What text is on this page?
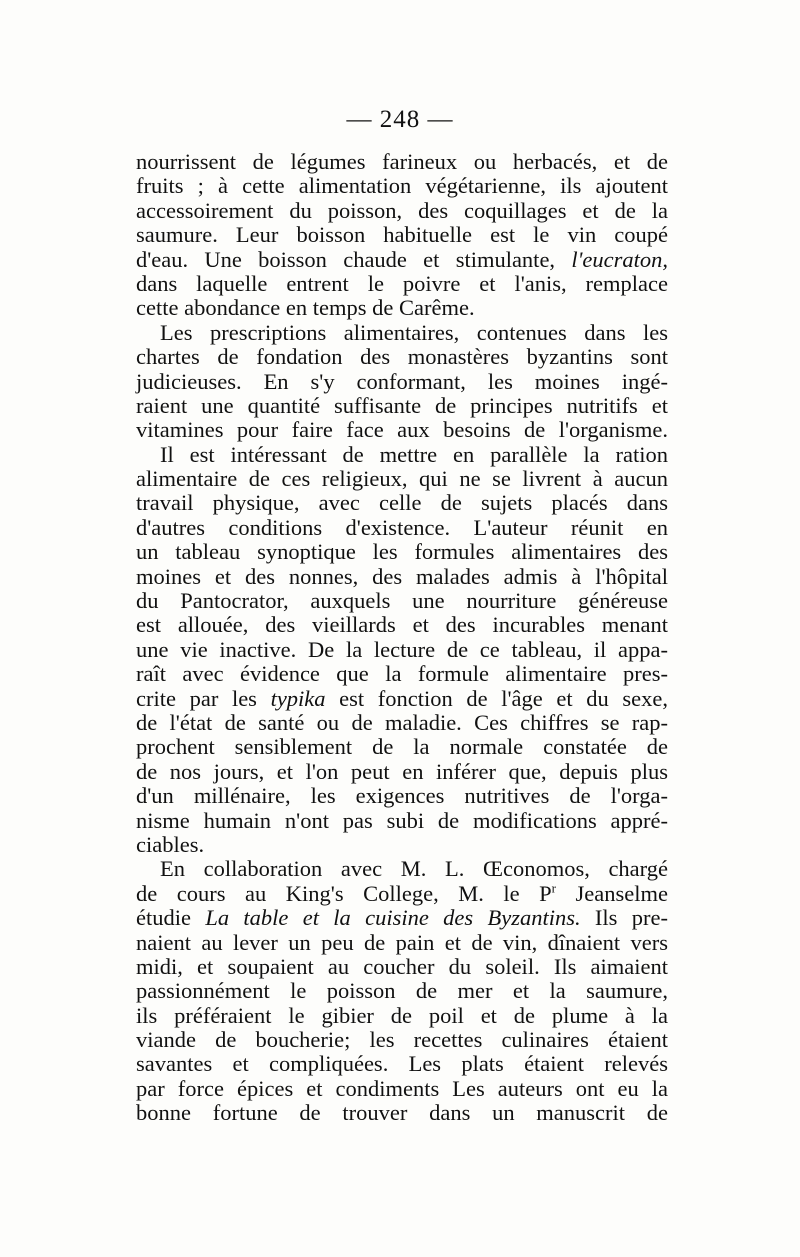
— 248 —
nourrissent de légumes farineux ou herbacés, et de
fruits ; à cette alimentation végétarienne, ils ajoutent
accessoirement du poisson, des coquillages et de la
saumure. Leur boisson habituelle est le vin coupé
d'eau. Une boisson chaude et stimulante, l'eucraton,
dans laquelle entrent le poivre et l'anis, remplace
cette abondance en temps de Carême.
Les prescriptions alimentaires, contenues dans les
chartes de fondation des monastères byzantins sont
judicieuses. En s'y conformant, les moines ingé-
raient une quantité suffisante de principes nutritifs et
vitamines pour faire face aux besoins de l'organisme.
Il est intéressant de mettre en parallèle la ration
alimentaire de ces religieux, qui ne se livrent à aucun
travail physique, avec celle de sujets placés dans
d'autres conditions d'existence. L'auteur réunit en
un tableau synoptique les formules alimentaires des
moines et des nonnes, des malades admis à l'hôpital
du Pantocrator, auxquels une nourriture généreuse
est allouée, des vieillards et des incurables menant
une vie inactive. De la lecture de ce tableau, il appa-
raît avec évidence que la formule alimentaire pres-
crite par les typika est fonction de l'âge et du sexe,
de l'état de santé ou de maladie. Ces chiffres se rap-
prochent sensiblement de la normale constatée de
de nos jours, et l'on peut en inférer que, depuis plus
d'un millénaire, les exigences nutritives de l'orga-
nisme humain n'ont pas subi de modifications appré-
ciables.
En collaboration avec M. L. Œconomos, chargé
de cours au King's College, M. le $P^r$ Jeanselme
étudie La table et la cuisine des Byzantins. Ils pre-
naient au lever un peu de pain et de vin, dînaient vers
midi, et soupaient au coucher du soleil. Ils aimaient
passionnément le poisson de mer et la saumure,
ils préféraient le gibier de poil et de plume à la
viande de boucherie; les recettes culinaires étaient
savantes et compliquées. Les plats étaient relevés
par force épices et condiments Les auteurs ont eu la
bonne fortune de trouver dans un manuscrit de
